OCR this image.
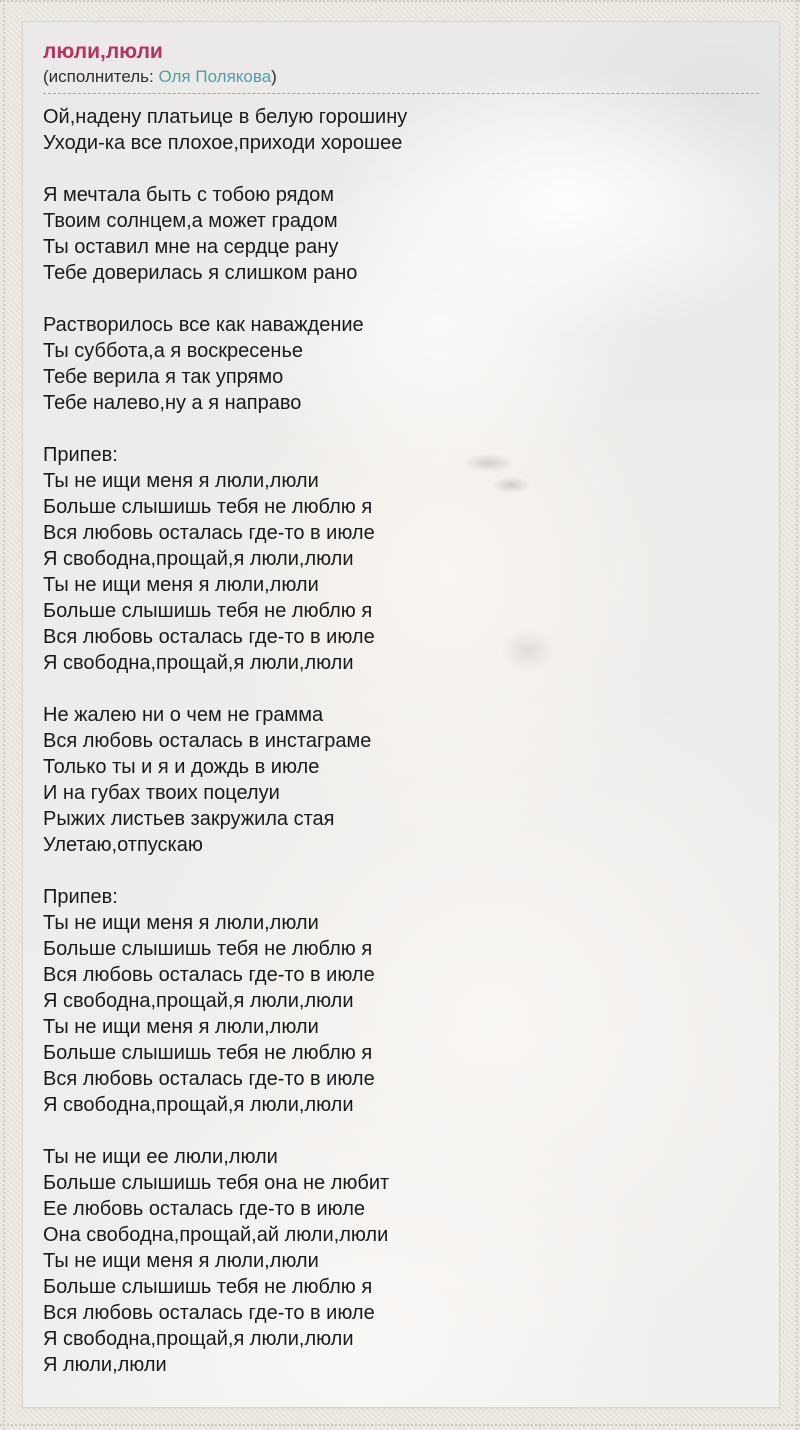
люли,люли
(исполнитель: Оля Полякова)
Ой,надену платьице в белую горошину
Уходи-ка все плохое,приходи хорошее
Я мечтала быть с тобою рядом
Твоим солнцем,а может градом
Ты оставил мне на сердце рану
Тебе доверилась я слишком рано
Растворилось все как наваждение
Ты суббота,а я воскресенье
Тебе верила я так упрямо
Тебе налево,ну а я направо
Припев:
Ты не ищи меня я люли,люли
Больше слышишь тебя не люблю я
Вся любовь осталась где-то в июле
Я свободна,прощай,я люли,люли
Ты не ищи меня я люли,люли
Больше слышишь тебя не люблю я
Вся любовь осталась где-то в июле
Я свободна,прощай,я люли,люли
Не жалею ни о чем не грамма
Вся любовь осталась в инстаграме
Только ты и я и дождь в июле
И на губах твоих поцелуи
Рыжих листьев закружила стая
Улетаю,отпускаю
Припев:
Ты не ищи меня я люли,люли
Больше слышишь тебя не люблю я
Вся любовь осталась где-то в июле
Я свободна,прощай,я люли,люли
Ты не ищи меня я люли,люли
Больше слышишь тебя не люблю я
Вся любовь осталась где-то в июле
Я свободна,прощай,я люли,люли
Ты не ищи ее люли,люли
Больше слышишь тебя она не любит
Ее любовь осталась где-то в июле
Она свободна,прощай,ай люли,люли
Ты не ищи меня я люли,люли
Больше слышишь тебя не люблю я
Вся любовь осталась где-то в июле
Я свободна,прощай,я люли,люли
Я люли,люли
